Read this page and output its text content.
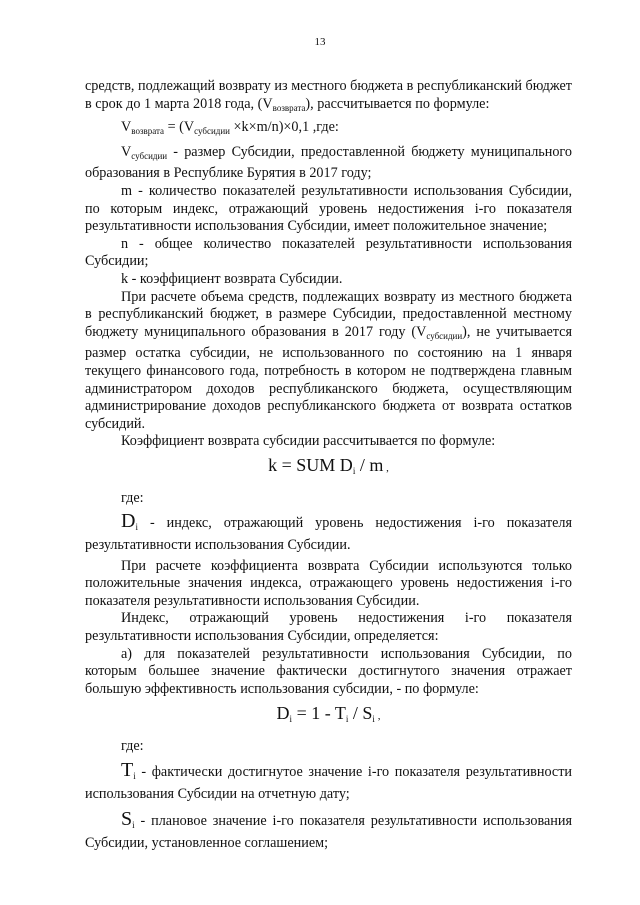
13

средств, подлежащий возврату из местного бюджета в республиканский бюджет в срок до 1 марта 2018 года, $(V_{возврата})$, рассчитывается по формуле:

$V_{возврата} = (V_{субсидии} \times k\times m/n)\times 0,1$ ,где:

$V_{субсидии}$ - размер Субсидии, предоставленной бюджету муниципального образования в Республике Бурятия в 2017 году;

m - количество показателей результативности использования Субсидии, по которым индекс, отражающий уровень недостижения i-го показателя результативности использования Субсидии, имеет положительное значение;

n - общее количество показателей результативности использования Субсидии;

k - коэффициент возврата Субсидии.

При расчете объема средств, подлежащих возврату из местного бюджета в республиканский бюджет, в размере Субсидии, предоставленной местному бюджету муниципального образования в 2017 году $(V_{субсидии})$, не учитывается размер остатка субсидии, не использованного по состоянию на 1 января текущего финансового года, потребность в котором не подтверждена главным администратором доходов республиканского бюджета, осуществляющим администрирование доходов республиканского бюджета от возврата остатков субсидий.

Коэффициент возврата субсидии рассчитывается по формуле:

k = SUM $D_i$ / m ,

где:

$D_i$ - индекс, отражающий уровень недостижения i-го показателя результативности использования Субсидии.

При расчете коэффициента возврата Субсидии используются только положительные значения индекса, отражающего уровень недостижения i-го показателя результативности использования Субсидии.

Индекс, отражающий уровень недостижения i-го показателя результативности использования Субсидии, определяется:

а) для показателей результативности использования Субсидии, по которым большее значение фактически достигнутого значения отражает большую эффективность использования субсидии, - по формуле:

$D_i = 1 - T_i / S_i$ ,

где:

$T_i$ - фактически достигнутое значение i-го показателя результативности использования Субсидии на отчетную дату;

$S_i$ - плановое значение i-го показателя результативности использования Субсидии, установленное соглашением;
